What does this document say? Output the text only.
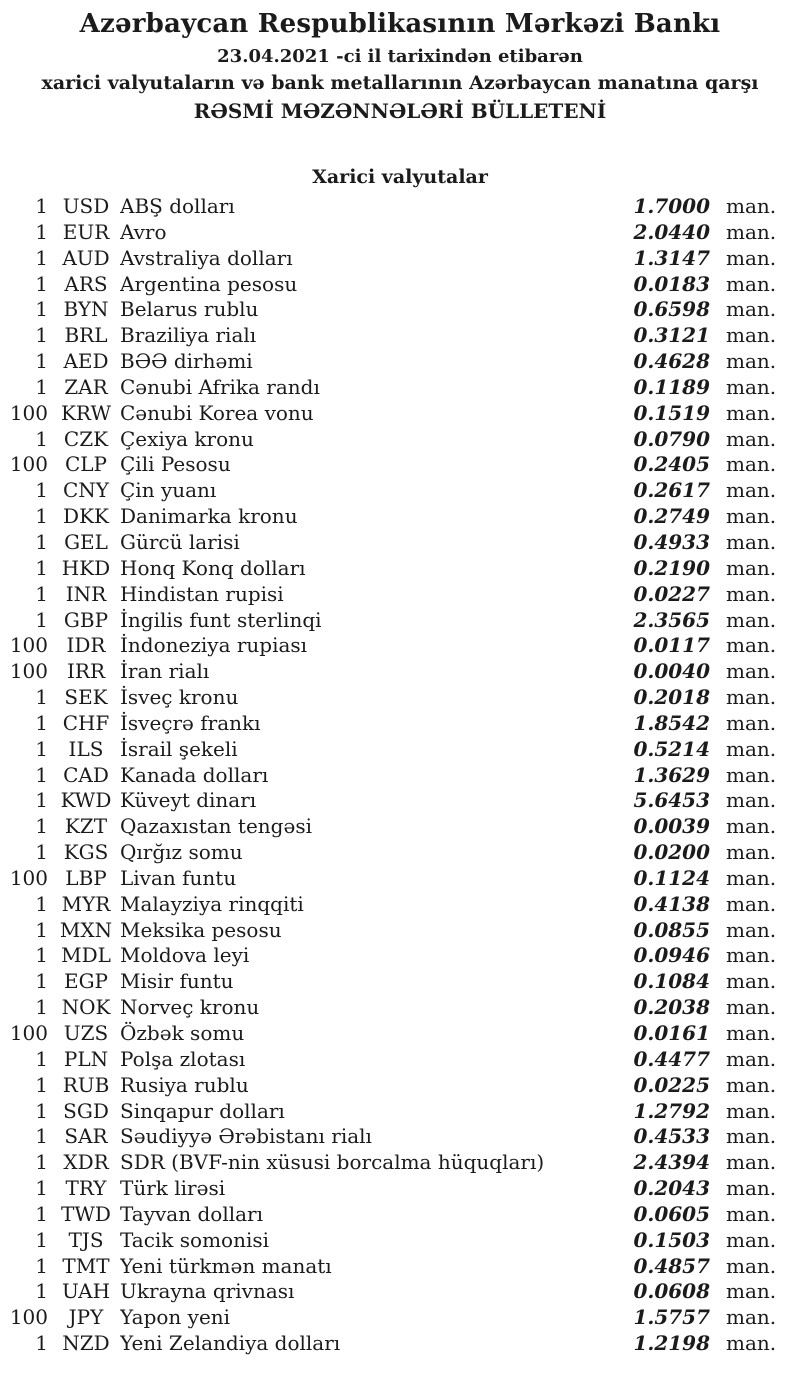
Azərbaycan Respublikasının Mərkəzi Bankı
23.04.2021 -ci il tarixindən etibarən
xarici valyutaların və bank metallarının Azərbaycan manatına qarşı
RƏSMİ MƏZƏNNƏLƏRİ BÜLLETENİ
Xarici valyutalar
1 USD ABŞ dolları	1.7000 man.
1 EUR Avro	2.0440 man.
1 AUD Avstraliya dolları	1.3147 man.
1 ARS Argentina pesosu	0.0183 man.
1 BYN Belarus rublu	0.6598 man.
1 BRL Braziliya rialı	0.3121 man.
1 AED BƏƏ dirhəmi	0.4628 man.
1 ZAR Cənubi Afrika randı	0.1189 man.
100 KRW Cənubi Korea vonu	0.1519 man.
1 CZK Çexiya kronu	0.0790 man.
100 CLP Çili Pesosu	0.2405 man.
1 CNY Çin yuanı	0.2617 man.
1 DKK Danimarka kronu	0.2749 man.
1 GEL Gürcü larisi	0.4933 man.
1 HKD Honq Konq dolları	0.2190 man.
1 INR Hindistan rupisi	0.0227 man.
1 GBP İngilis funt sterlinqi	2.3565 man.
100 IDR İndoneziya rupiası	0.0117 man.
100 IRR İran rialı	0.0040 man.
1 SEK İsveç kronu	0.2018 man.
1 CHF İsveçrə frankı	1.8542 man.
1	ILS İsrail şekeli	0.5214 man.
1 CAD Kanada dolları	1.3629 man.
1 KWD Küveyt dinarı	5.6453 man.
1 KZT Qazaxıstan tengəsi	0.0039 man.
1 KGS Qırğız somu	0.0200 man.
100 LBP Livan funtu	0.1124 man.
1 MYR Malayziya rinqqiti	0.4138 man.
1 MXN Meksika pesosu	0.0855 man.
1 MDL Moldova leyi	0.0946 man.
1 EGP Misir funtu	0.1084 man.
1 NOK Norveç kronu	0.2038 man.
100 UZS Özbək somu	0.0161 man.
1 PLN Polşa zlotası	0.4477 man.
1 RUB Rusiya rublu	0.0225 man.
1 SGD Sinqapur dolları	1.2792 man.
1 SAR Səudiyyə Ərəbistanı rialı	0.4533 man.
1 XDR SDR (BVF-nin xüsusi borcalma hüquqları)	2.4394 man.
1 TRY Türk lirəsi	0.2043 man.
1 TWD Tayvan dolları	0.0605 man.
1	TJS Tacik somonisi	0.1503 man.
1 TMT Yeni türkmən manatı	0.4857 man.
1 UAH Ukrayna qrivnası	0.0608 man.
100	JPY Yapon yeni	1.5757 man.
1 NZD Yeni Zelandiya dolları	1.2198 man.
